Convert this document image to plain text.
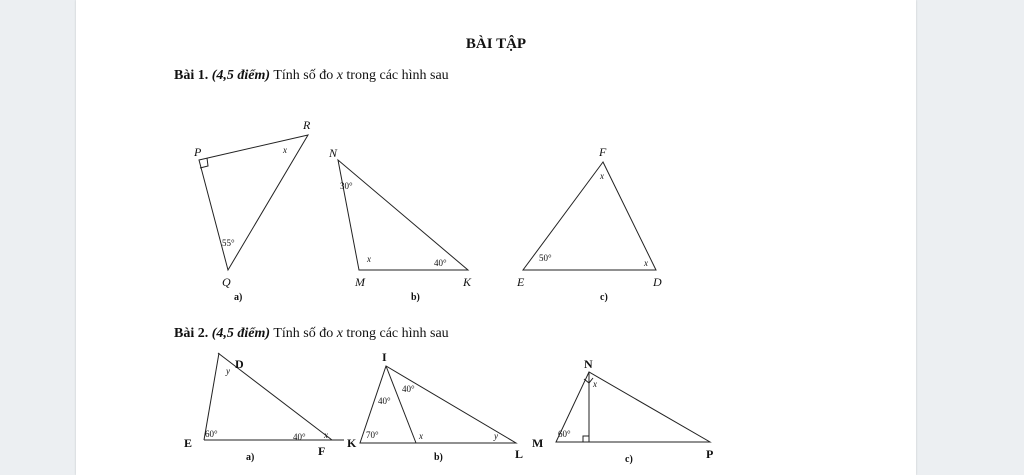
BÀI TẬP
Bài 1. (4,5 điểm) Tính số đo x trong các hình sau
Bài 2. (4,5 điểm) Tính số đo x trong các hình sau
P
R
Q
x
55°
a)
N
M	K
30°
x	40°
b)
F
E	D
x
50°	x
c)
D
E
F
y
60°	40° x
a)
I
K
L
40°
40°
70°	x	y
b)
N
M
P
x
60°
c)
